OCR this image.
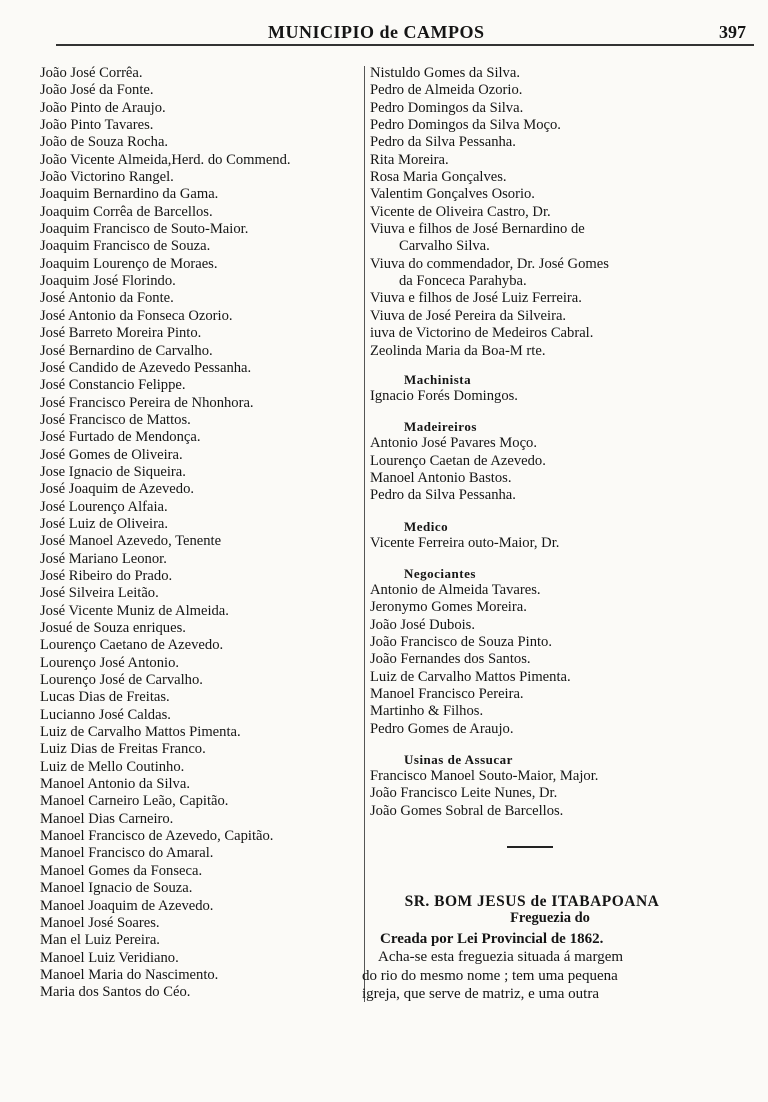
MUNICIPIO de CAMPOS	397
João José Corrêa.
João José da Fonte.
João Pinto de Araujo.
João Pinto Tavares.
João de Souza Rocha.
João Vicente Almeida,Herd. do Commend.
João Victorino Rangel.
Joaquim Bernardino da Gama.
Joaquim Corrêa de Barcellos.
Joaquim Francisco de Souto-Maior.
Joaquim Francisco de Souza.
Joaquim Lourenço de Moraes.
Joaquim José Florindo.
José Antonio da Fonte.
José Antonio da Fonseca Ozorio.
José Barreto Moreira Pinto.
José Bernardino de Carvalho.
José Candido de Azevedo Pessanha.
José Constancio Felippe.
José Francisco Pereira de Nhonhora.
José Francisco de Mattos.
José Furtado de Mendonça.
José Gomes de Oliveira.
Jose Ignacio de Siqueira.
José Joaquim de Azevedo.
José Lourenço Alfaia.
José Luiz de Oliveira.
José Manoel Azevedo, Tenente
José Mariano Leonor.
José Ribeiro do Prado.
José Silveira Leitão.
José Vicente Muniz de Almeida.
Josué de Souza enriques.
Lourenço Caetano de Azevedo.
Lourenço José Antonio.
Lourenço José de Carvalho.
Lucas Dias de Freitas.
Lucianno José Caldas.
Luiz de Carvalho Mattos Pimenta.
Luiz Dias de Freitas Franco.
Luiz de Mello Coutinho.
Manoel Antonio da Silva.
Manoel Carneiro Leão, Capitão.
Manoel Dias Carneiro.
Manoel Francisco de Azevedo, Capitão.
Manoel Francisco do Amaral.
Manoel Gomes da Fonseca.
Manoel Ignacio de Souza.
Manoel Joaquim de Azevedo.
Manoel José Soares.
Man el Luiz Pereira.
Manoel Luiz Veridiano.
Manoel Maria do Nascimento.
Maria dos Santos do Céo.
Nistuldo Gomes da Silva.
Pedro de Almeida Ozorio.
Pedro Domingos da Silva.
Pedro Domingos da Silva Moço.
Pedro da Silva Pessanha.
Rita Moreira.
Rosa Maria Gonçalves.
Valentim Gonçalves Osorio.
Vicente de Oliveira Castro, Dr.
Viuva e filhos de José Bernardino de
Carvalho Silva.
Viuva do commendador, Dr. José Gomes
da Fonceca Parahyba.
Viuva e filhos de José Luiz Ferreira.
Viuva de José Pereira da Silveira.
iuva de Victorino de Medeiros Cabral.
Zeolinda Maria da Boa-M rte.
Machinista
Ignacio Forés Domingos.
Madeireiros
Antonio José Pavares Moço.
Lourenço Caetan de Azevedo.
Manoel Antonio Bastos.
Pedro da Silva Pessanha.
Medico
Vicente Ferreira outo-Maior, Dr.
Negociantes
Antonio de Almeida Tavares.
Jeronymo Gomes Moreira.
João José Dubois.
João Francisco de Souza Pinto.
João Fernandes dos Santos.
Luiz de Carvalho Mattos Pimenta.
Manoel Francisco Pereira.
Martinho & Filhos.
Pedro Gomes de Araujo.
Usinas de Assucar
Francisco Manoel Souto-Maior, Major.
João Francisco Leite Nunes, Dr.
João Gomes Sobral de Barcellos.
SR. BOM JESUS de ITABAPOANA
Freguezia do
Creada por Lei Provincial de 1862.
Acha-se esta freguezia situada á margem
do rio do mesmo nome ; tem uma pequena
igreja, que serve de matriz, e uma outra
